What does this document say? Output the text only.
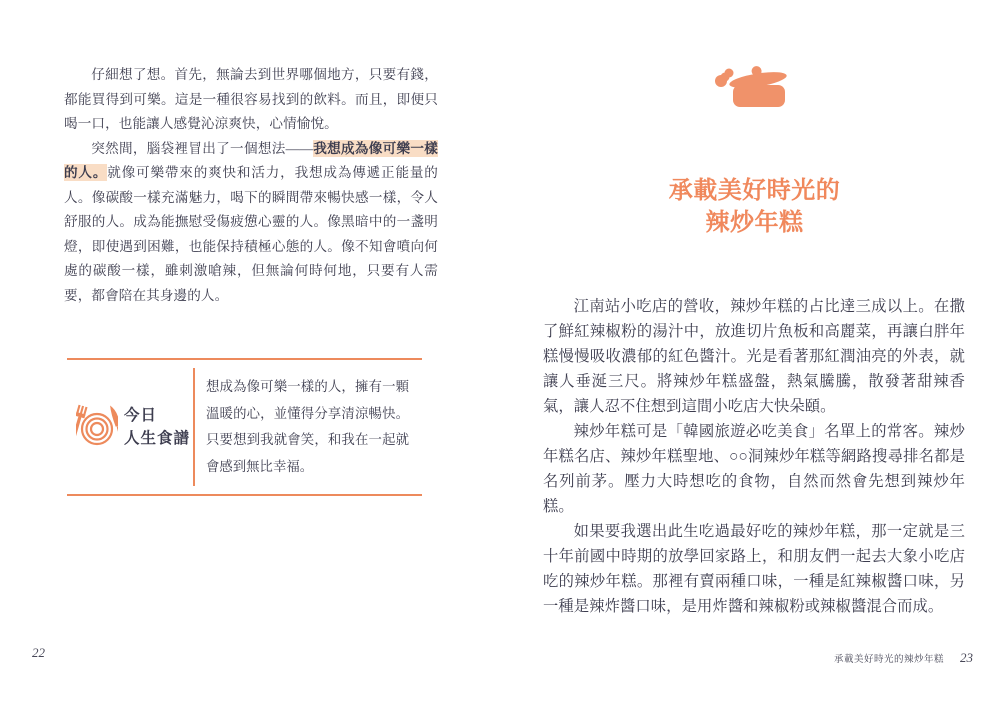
仔細想了想。首先，無論去到世界哪個地方，只要有錢，都能買得到可樂。這是一種很容易找到的飲料。而且，即便只喝一口，也能讓人感覺沁涼爽快，心情愉悅。

突然間，腦袋裡冒出了一個想法——我想成為像可樂一樣的人。就像可樂帶來的爽快和活力，我想成為傳遞正能量的人。像碳酸一樣充滿魅力，喝下的瞬間帶來暢快感一樣，令人舒服的人。成為能撫慰受傷疲憊心靈的人。像黑暗中的一盞明燈，即使遇到困難，也能保持積極心態的人。像不知會噴向何處的碳酸一樣，雖刺激嗆辣，但無論何時何地，只要有人需要，都會陪在其身邊的人。

今日
人生食譜
想成為像可樂一樣的人，擁有一顆溫暖的心，並懂得分享清涼暢快。只要想到我就會笑，和我在一起就會感到無比幸福。
22
承載美好時光的
辣炒年糕

江南站小吃店的營收，辣炒年糕的占比達三成以上。在撒了鮮紅辣椒粉的湯汁中，放進切片魚板和高麗菜，再讓白胖年糕慢慢吸收濃郁的紅色醬汁。光是看著那紅潤油亮的外表，就讓人垂涎三尺。將辣炒年糕盛盤，熱氣騰騰，散發著甜辣香氣，讓人忍不住想到這間小吃店大快朵頤。

辣炒年糕可是「韓國旅遊必吃美食」名單上的常客。辣炒年糕名店、辣炒年糕聖地、○○洞辣炒年糕等網路搜尋排名都是名列前茅。壓力大時想吃的食物，自然而然會先想到辣炒年糕。

如果要我選出此生吃過最好吃的辣炒年糕，那一定就是三十年前國中時期的放學回家路上，和朋友們一起去大象小吃店吃的辣炒年糕。那裡有賣兩種口味，一種是紅辣椒醬口味，另一種是辣炸醬口味，是用炸醬和辣椒粉或辣椒醬混合而成。

承載美好時光的辣炒年糕 23
